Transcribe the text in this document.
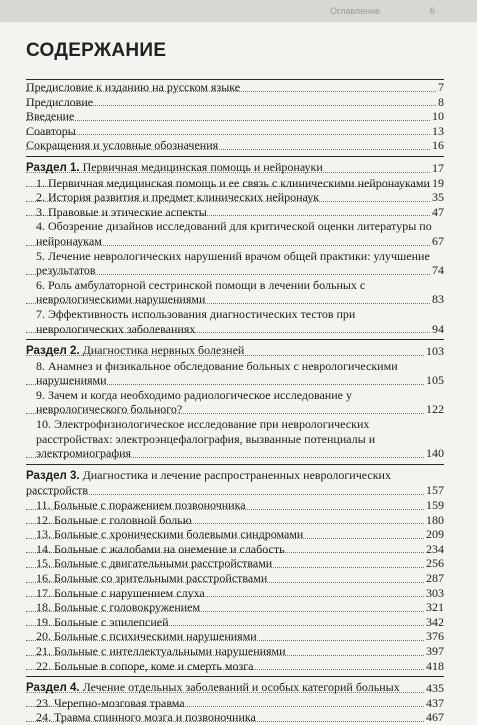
6
Оглавление
СОДЕРЖАНИЕ
Предисловие к изданию на русском языке	7
Предисловие	8
Введение	10
Соавторы	13
Сокращения и условные обозначения	16
Раздел 1. Первичная медицинская помощь и нейронауки	17
1. Первичная медицинская помощь и ее связь с клиническими нейронауками 19
2. История развития и предмет клинических нейронаук	35
3. Правовые и этические аспекты	47
4. Обозрение дизайнов исследований для критической оценки литературы по нейронаукам	67
5. Лечение неврологических нарушений врачом общей практики: улучшение результатов	74
6. Роль амбулаторной сестринской помощи в лечении больных с неврологическими нарушениями	83
7. Эффективность использования диагностических тестов при неврологических заболеваниях	94
Раздел 2. Диагностика нервных болезней	103
8. Анамнез и физикальное обследование больных с неврологическими нарушениями	105
9. Зачем и когда необходимо радиологическое исследование у неврологического больного?	122
10. Электрофизиологическое исследование при неврологических расстройствах: электроэнцефалография, вызванные потенциалы и электромиография	140
Раздел 3. Диагностика и лечение распространенных неврологических расстройств	157
11. Больные с поражением позвоночника	159
12. Больные с головной болью	180
13. Больные с хроническими болевыми синдромами	209
14. Больные с жалобами на онемение и слабость	234
15. Больные с двигательными расстройствами	256
16. Больные со зрительными расстройствами	287
17. Больные с нарушением слуха	303
18. Больные с головокружением	321
19. Больные с эпилепсией	342
20. Больные с психическими нарушениями	376
21. Больные с интеллектуальными нарушениями	397
22. Больные в сопоре, коме и смерть мозга	418
Раздел 4. Лечение отдельных заболеваний и особых категорий больных 435
23. Черепно-мозговая травма	437
24. Травма спинного мозга и позвоночника	467
